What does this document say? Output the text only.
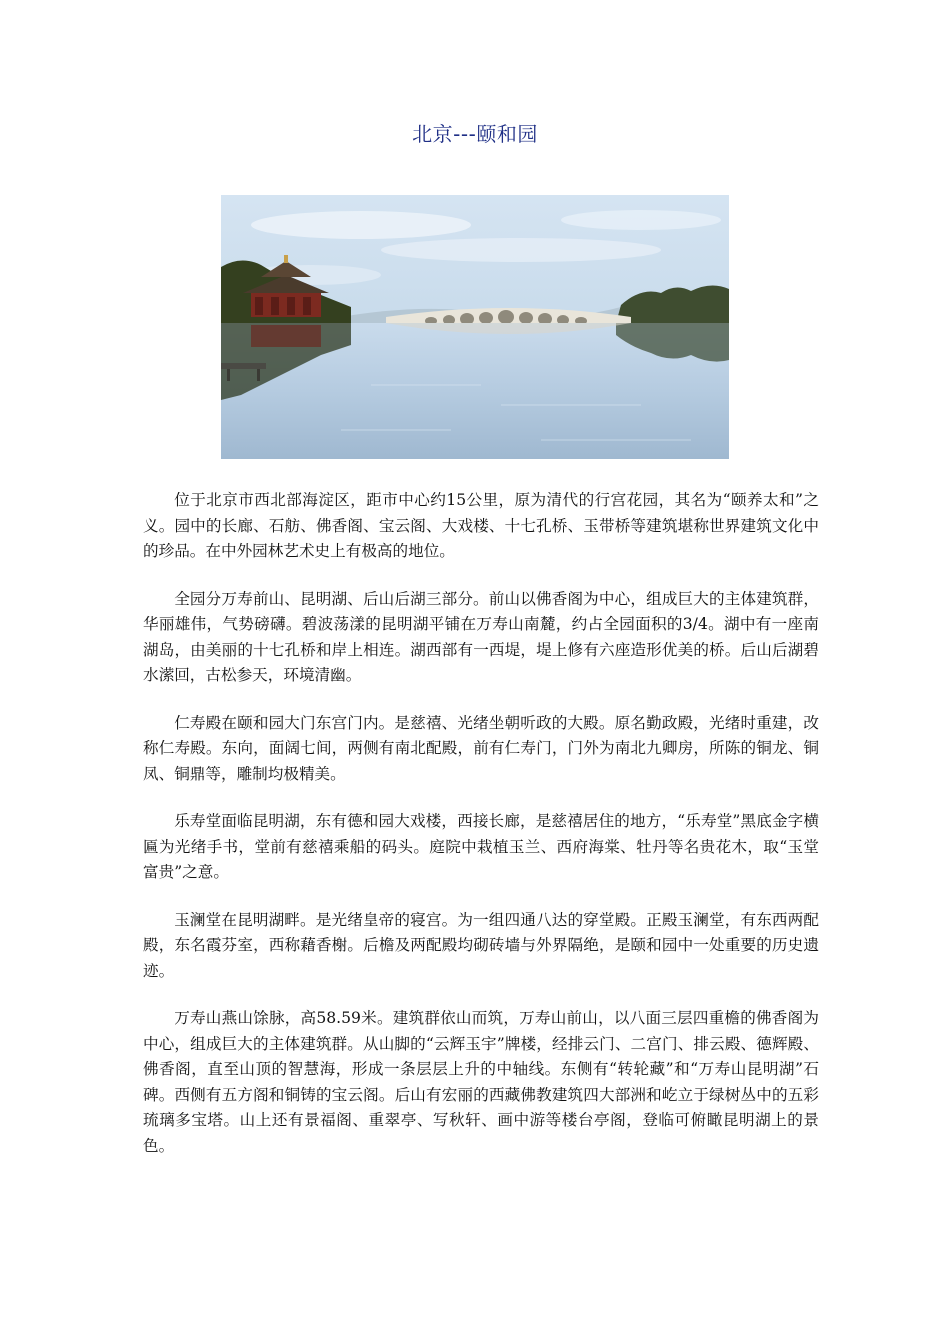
北京---颐和园

位于北京市西北部海淀区，距市中心约15公里，原为清代的行宫花园，其名为“颐养太和”之义。园中的长廊、石舫、佛香阁、宝云阁、大戏楼、十七孔桥、玉带桥等建筑堪称世界建筑文化中的珍品。在中外园林艺术史上有极高的地位。

全园分万寿前山、昆明湖、后山后湖三部分。前山以佛香阁为中心，组成巨大的主体建筑群，华丽雄伟，气势磅礴。碧波荡漾的昆明湖平铺在万寿山南麓，约占全园面积的3/4。湖中有一座南湖岛，由美丽的十七孔桥和岸上相连。湖西部有一西堤，堤上修有六座造形优美的桥。后山后湖碧水潆回，古松参天，环境清幽。

仁寿殿在颐和园大门东宫门内。是慈禧、光绪坐朝听政的大殿。原名勤政殿，光绪时重建，改称仁寿殿。东向，面阔七间，两侧有南北配殿，前有仁寿门，门外为南北九卿房，所陈的铜龙、铜凤、铜鼎等，雕制均极精美。

乐寿堂面临昆明湖，东有德和园大戏楼，西接长廊，是慈禧居住的地方，“乐寿堂”黑底金字横匾为光绪手书，堂前有慈禧乘船的码头。庭院中栽植玉兰、西府海棠、牡丹等名贵花木，取“玉堂富贵”之意。

玉澜堂在昆明湖畔。是光绪皇帝的寝宫。为一组四通八达的穿堂殿。正殿玉澜堂，有东西两配殿，东名霞芬室，西称藉香榭。后檐及两配殿均砌砖墙与外界隔绝，是颐和园中一处重要的历史遗迹。

万寿山燕山馀脉，高58.59米。建筑群依山而筑，万寿山前山，以八面三层四重檐的佛香阁为中心，组成巨大的主体建筑群。从山脚的“云辉玉宇”牌楼，经排云门、二宫门、排云殿、德辉殿、佛香阁，直至山顶的智慧海，形成一条层层上升的中轴线。东侧有“转轮藏”和“万寿山昆明湖”石碑。西侧有五方阁和铜铸的宝云阁。后山有宏丽的西藏佛教建筑四大部洲和屹立于绿树丛中的五彩琉璃多宝塔。山上还有景福阁、重翠亭、写秋轩、画中游等楼台亭阁，登临可俯瞰昆明湖上的景色。
